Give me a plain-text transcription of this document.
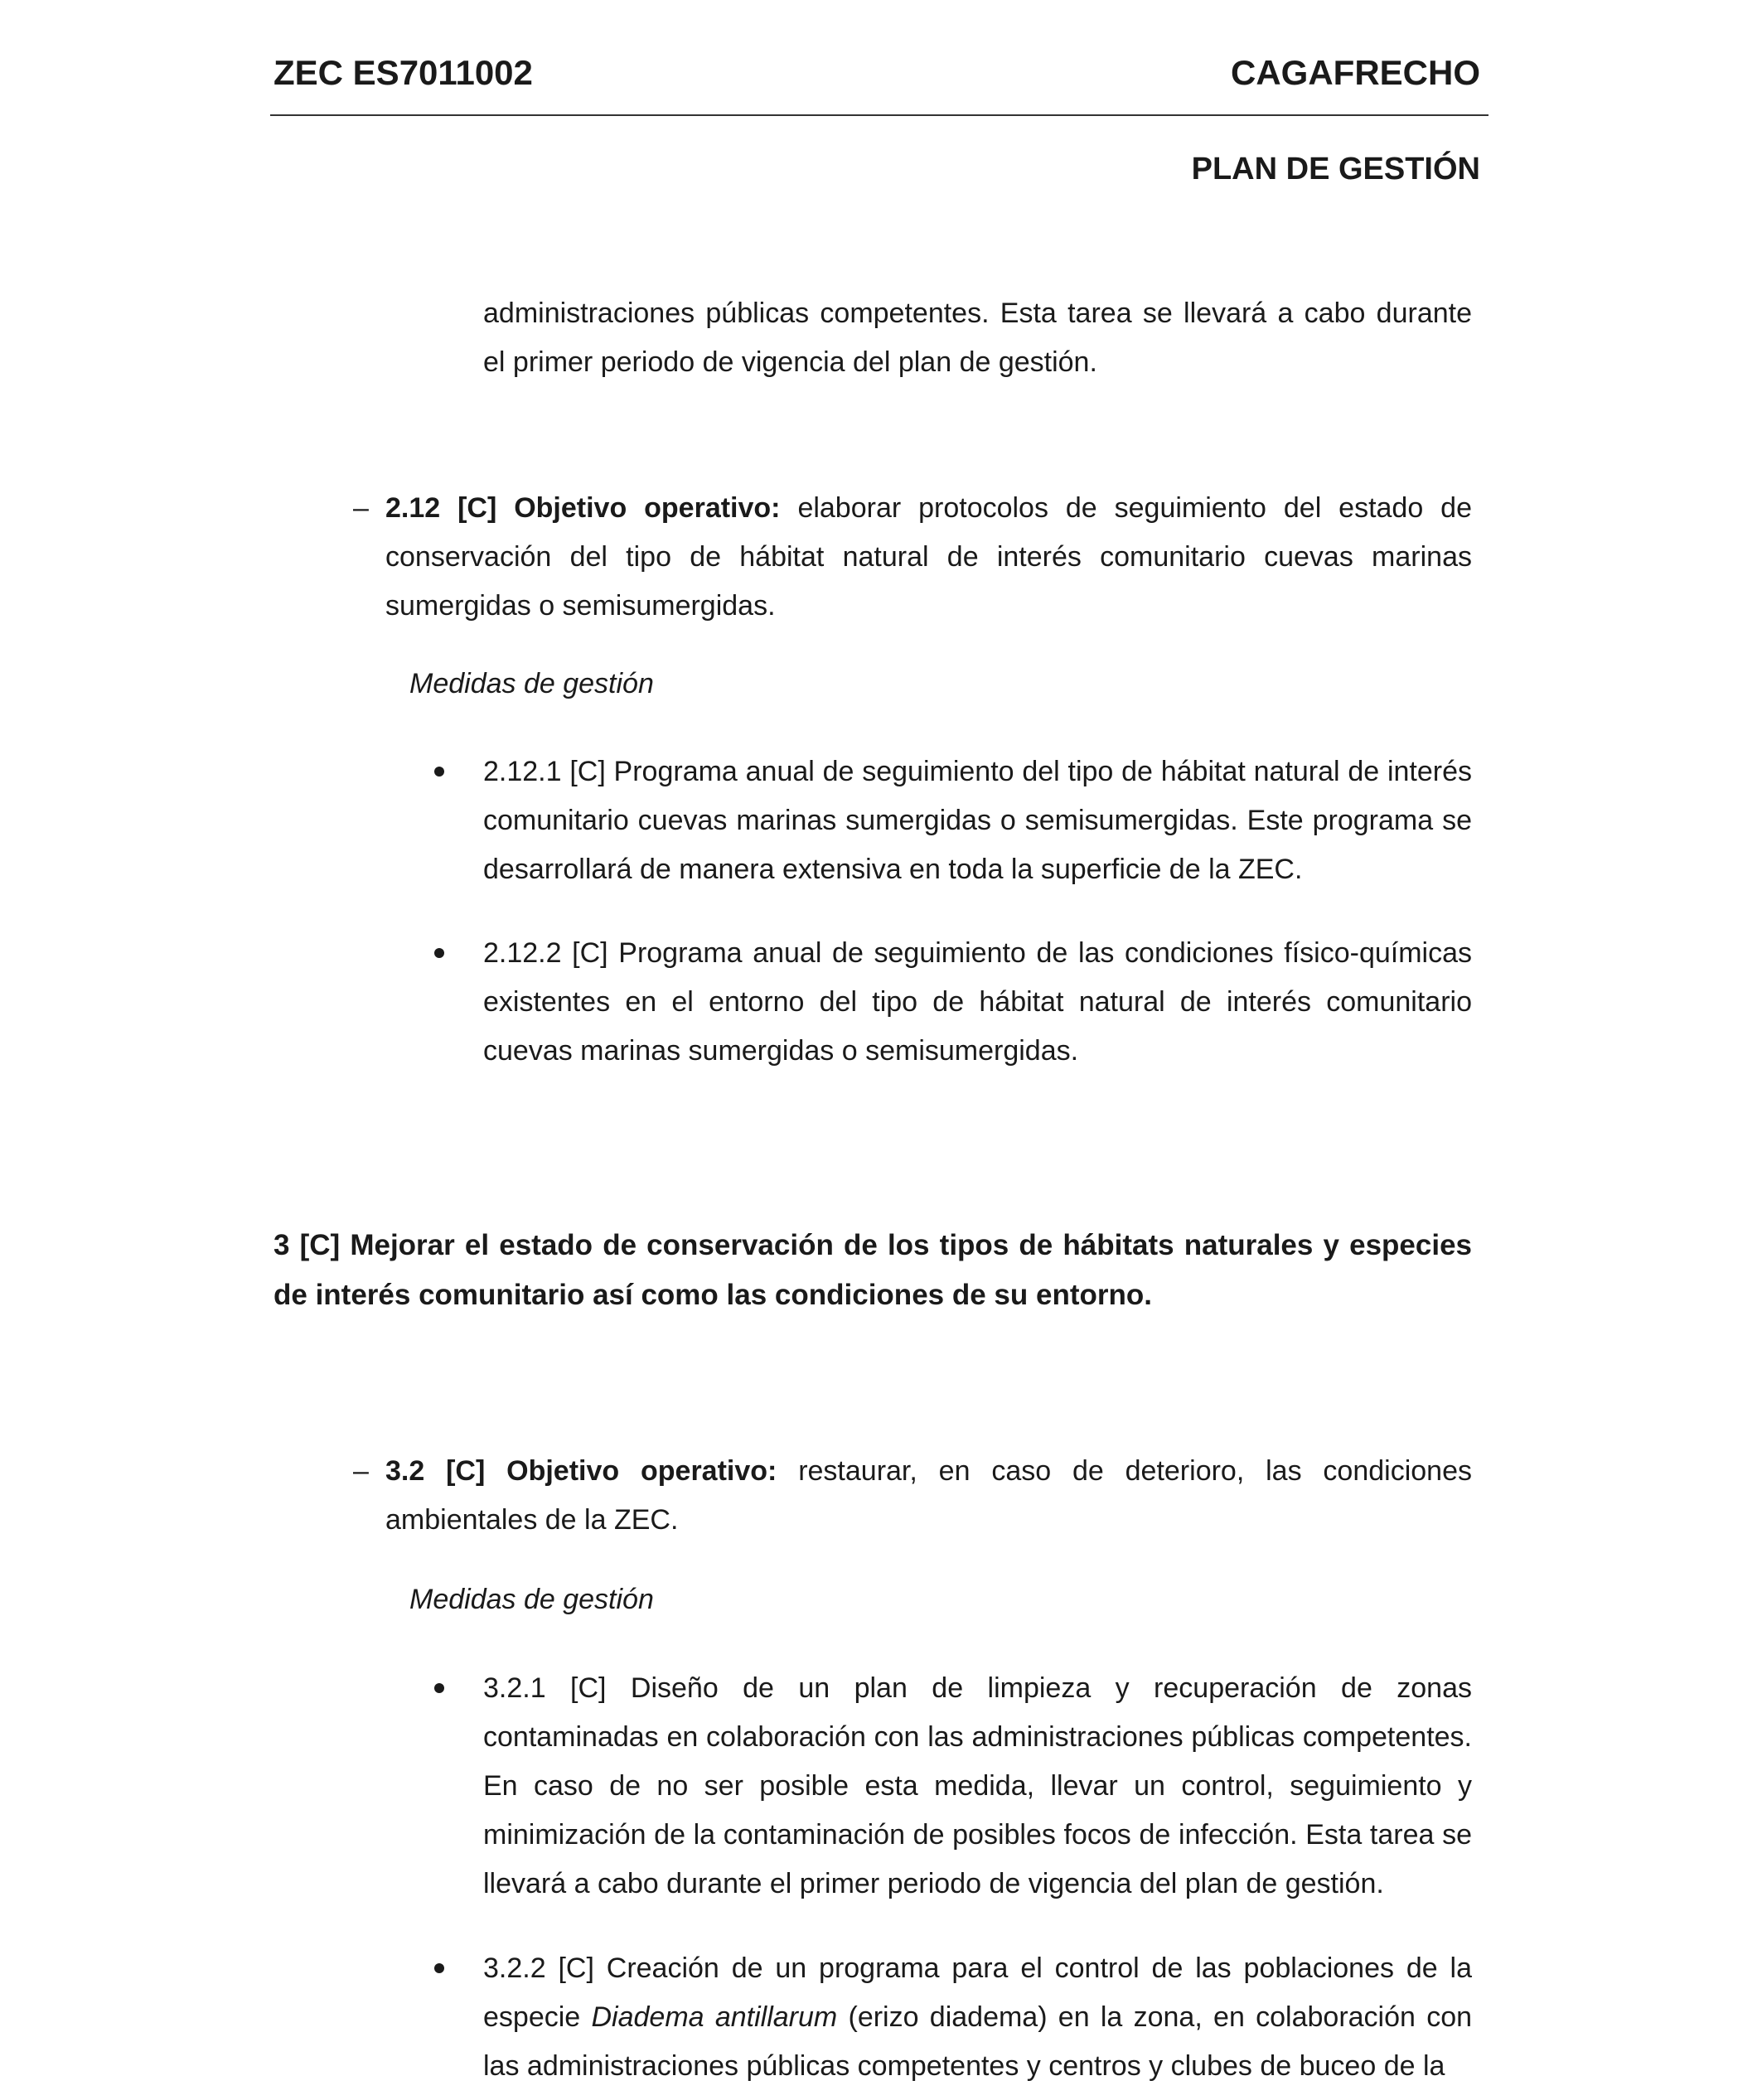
ZEC ES7011002	CAGAFRECHO
PLAN DE GESTIÓN

administraciones públicas competentes. Esta tarea se llevará a cabo durante el primer periodo de vigencia del plan de gestión.

– 2.12 [C] Objetivo operativo: elaborar protocolos de seguimiento del estado de conservación del tipo de hábitat natural de interés comunitario cuevas marinas sumergidas o semisumergidas.

Medidas de gestión

2.12.1 [C] Programa anual de seguimiento del tipo de hábitat natural de interés comunitario cuevas marinas sumergidas o semisumergidas. Este programa se desarrollará de manera extensiva en toda la superficie de la ZEC.

2.12.2 [C] Programa anual de seguimiento de las condiciones físico-químicas existentes en el entorno del tipo de hábitat natural de interés comunitario cuevas marinas sumergidas o semisumergidas.

3 [C] Mejorar el estado de conservación de los tipos de hábitats naturales y especies de interés comunitario así como las condiciones de su entorno.
– 3.2 [C] Objetivo operativo: restaurar, en caso de deterioro, las condiciones ambientales de la ZEC.

Medidas de gestión

3.2.1 [C] Diseño de un plan de limpieza y recuperación de zonas contaminadas en colaboración con las administraciones públicas competentes. En caso de no ser posible esta medida, llevar un control, seguimiento y minimización de la contaminación de posibles focos de infección. Esta tarea se llevará a cabo durante el primer periodo de vigencia del plan de gestión.

3.2.2 [C] Creación de un programa para el control de las poblaciones de la especie Diadema antillarum (erizo diadema) en la zona, en colaboración con las administraciones públicas competentes y centros y clubes de buceo de la
